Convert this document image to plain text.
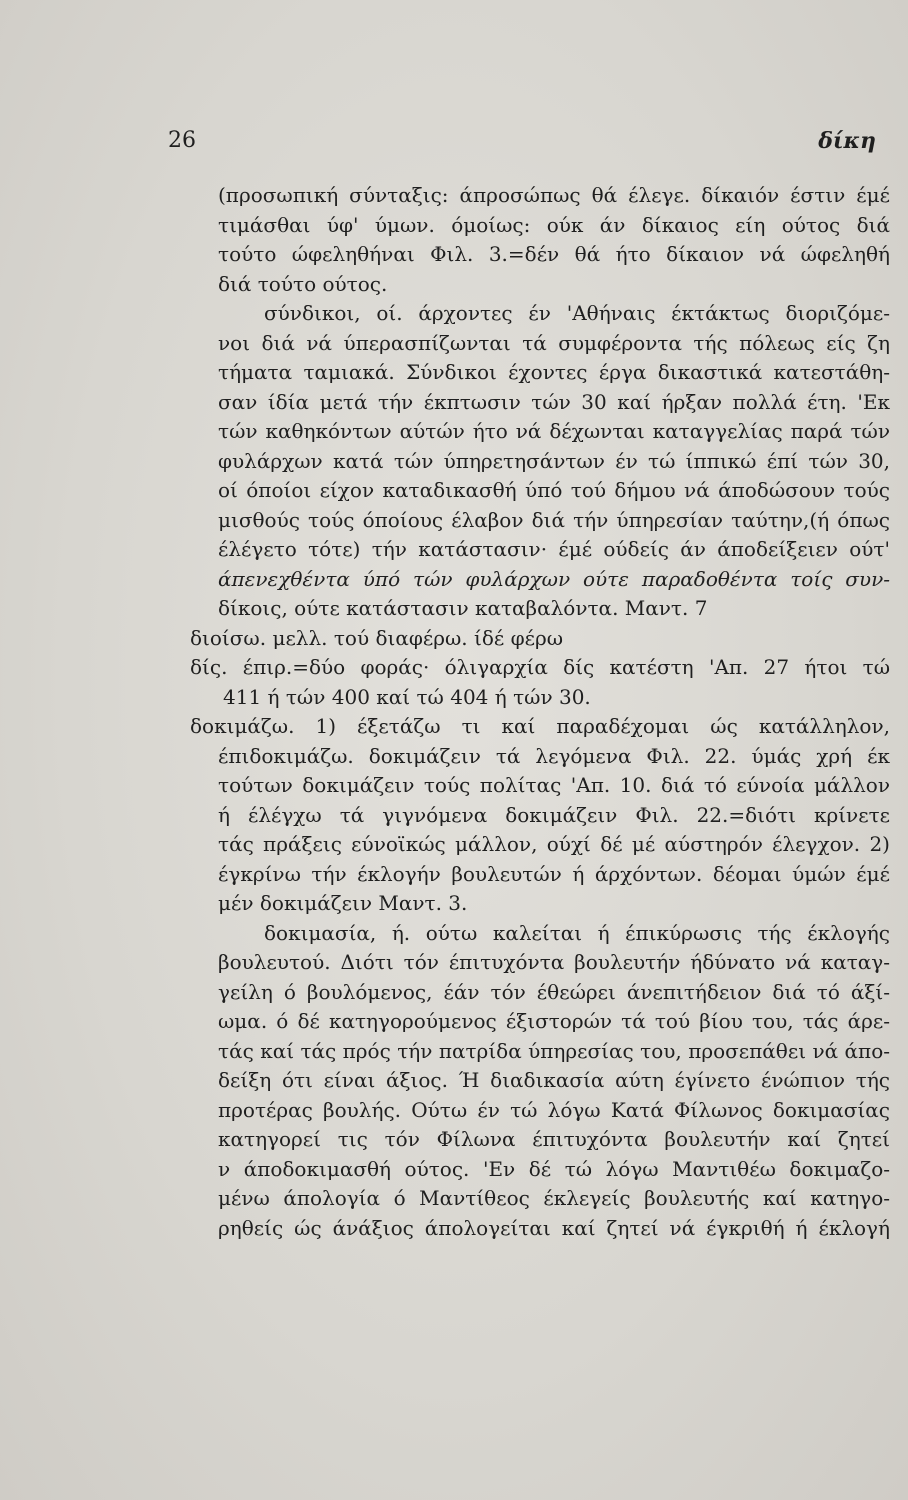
26	δίκη
(προσωπική σύνταξις: άπροσώπως θά έλεγε. δίκαιόν έστιν έμέ
τιμάσθαι ύφ' ύμων. όμοίως: ούκ άν δίκαιος είη ούτος διά
τούτο ώφεληθήναι Φιλ. 3.=δέν θά ήτο δίκαιον νά ώφεληθή
διά τούτο ούτος.
σύνδικοι, οί. άρχοντες έν 'Αθήναις έκτάκτως διοριζόμε-
νοι διά νά ύπερασπίζωνται τά συμφέροντα τής πόλεως είς ζη
τήματα ταμιακά. Σύνδικοι έχοντες έργα δικαστικά κατεστάθη-
σαν ίδία μετά τήν έκπτωσιν τών 30 καί ήρξαν πολλά έτη. 'Εκ
τών καθηκόντων αύτών ήτο νά δέχωνται καταγγελίας παρά τών
φυλάρχων κατά τών ύπηρετησάντων έν τώ ίππικώ έπί τών 30,
οί όποίοι είχον καταδικασθή ύπό τού δήμου νά άποδώσουν τούς
μισθούς τούς όποίους έλαβον διά τήν ύπηρεσίαν ταύτην,(ή όπως
έλέγετο τότε) τήν κατάστασιν· έμέ ούδείς άν άποδείξειεν ούτ'
άπενεχθέντα ύπό τών φυλάρχων ούτε παραδοθέντα τοίς συν-
δίκοις, ούτε κατάστασιν καταβαλόντα. Μαντ. 7
διοίσω. μελλ. τού διαφέρω. ίδέ φέρω
δίς. έπιρ.=δύο φοράς· όλιγαρχία δίς κατέστη 'Απ. 27 ήτοι τώ
411 ή τών 400 καί τώ 404 ή τών 30.
δοκιμάζω. 1) έξετάζω τι καί παραδέχομαι ώς κατάλληλον,
έπιδοκιμάζω. δοκιμάζειν τά λεγόμενα Φιλ. 22. ύμάς χρή έκ
τούτων δοκιμάζειν τούς πολίτας 'Απ. 10. διά τό εύνοία μάλλον
ή έλέγχω τά γιγνόμενα δοκιμάζειν Φιλ. 22.=διότι κρίνετε
τάς πράξεις εύνοϊκώς μάλλον, ούχί δέ μέ αύστηρόν έλεγχον. 2)
έγκρίνω τήν έκλογήν βουλευτών ή άρχόντων. δέομαι ύμών έμέ
μέν δοκιμάζειν Μαντ. 3.
δοκιμασία, ή. ούτω καλείται ή έπικύρωσις τής έκλογής
βουλευτού. Διότι τόν έπιτυχόντα βουλευτήν ήδύνατο νά καταγ-
γείλη ό βουλόμενος, έάν τόν έθεώρει άνεπιτήδειον διά τό άξί-
ωμα. ό δέ κατηγορούμενος έξιστορών τά τού βίου του, τάς άρε-
τάς καί τάς πρός τήν πατρίδα ύπηρεσίας του, προσεπάθει νά άπο-
δείξη ότι είναι άξιος. Ή διαδικασία αύτη έγίνετο ένώπιον τής
προτέρας βουλής. Ούτω έν τώ λόγω Κατά Φίλωνος δοκιμασίας
κατηγορεί τις τόν Φίλωνα έπιτυχόντα βουλευτήν καί ζητεί
ν άποδοκιμασθή ούτος. 'Εν δέ τώ λόγω Μαντιθέω δοκιμαζο-
μένω άπολογία ό Μαντίθεος έκλεγείς βουλευτής καί κατηγο-
ρηθείς ώς άνάξιος άπολογείται καί ζητεί νά έγκριθή ή έκλογή
